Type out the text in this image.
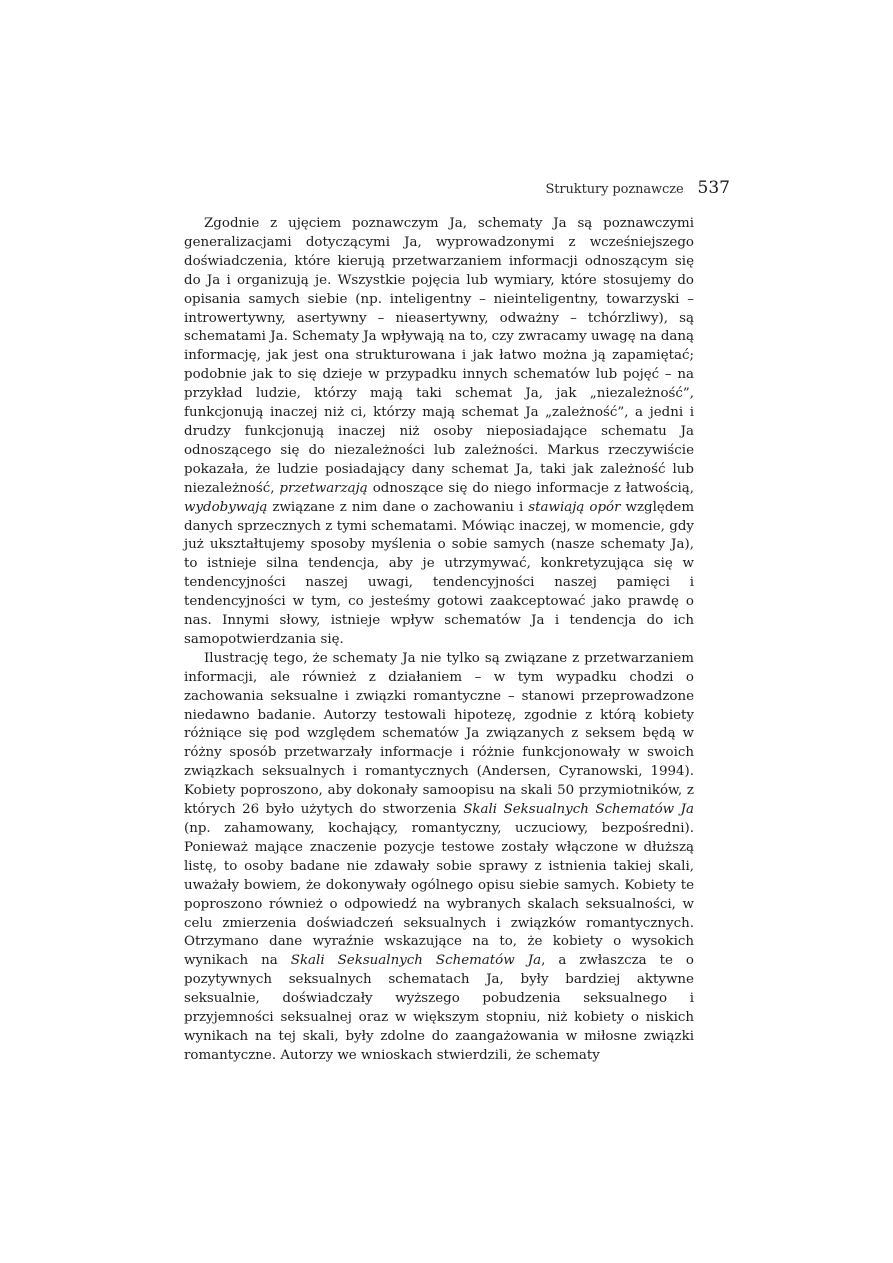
Struktury poznawcze 537

Zgodnie z ujęciem poznawczym Ja, schematy Ja są poznawczymi generalizacjami dotyczącymi Ja, wyprowadzonymi z wcześniejszego doświadczenia, które kierują przetwarzaniem informacji odnoszącym się do Ja i organizują je. Wszystkie pojęcia lub wymiary, które stosujemy do opisania samych siebie (np. inteligentny – nieinteligentny, towarzyski – introwertywny, asertywny – nieasertywny, odważny – tchórzliwy), są schematami Ja. Schematy Ja wpływają na to, czy zwracamy uwagę na daną informację, jak jest ona strukturowana i jak łatwo można ją zapamiętać; podobnie jak to się dzieje w przypadku innych schematów lub pojęć – na przykład ludzie, którzy mają taki schemat Ja, jak „niezależność”, funkcjonują inaczej niż ci, którzy mają schemat Ja „zależność”, a jedni i drudzy funkcjonują inaczej niż osoby nieposiadające schematu Ja odnoszącego się do niezależności lub zależności. Markus rzeczywiście pokazała, że ludzie posiadający dany schemat Ja, taki jak zależność lub niezależność, przetwarzają odnoszące się do niego informacje z łatwością, wydobywają związane z nim dane o zachowaniu i stawiają opór względem danych sprzecznych z tymi schematami. Mówiąc inaczej, w momencie, gdy już ukształtujemy sposoby myślenia o sobie samych (nasze schematy Ja), to istnieje silna tendencja, aby je utrzymywać, konkretyzująca się w tendencyjności naszej uwagi, tendencyjności naszej pamięci i tendencyjności w tym, co jesteśmy gotowi zaakceptować jako prawdę o nas. Innymi słowy, istnieje wpływ schematów Ja i tendencja do ich samopotwierdzania się.

Ilustrację tego, że schematy Ja nie tylko są związane z przetwarzaniem informacji, ale również z działaniem – w tym wypadku chodzi o zachowania seksualne i związki romantyczne – stanowi przeprowadzone niedawno badanie. Autorzy testowali hipotezę, zgodnie z którą kobiety różniące się pod względem schematów Ja związanych z seksem będą w różny sposób przetwarzały informacje i różnie funkcjonowały w swoich związkach seksualnych i romantycznych (Andersen, Cyranowski, 1994). Kobiety poproszono, aby dokonały samoopisu na skali 50 przymiotników, z których 26 było użytych do stworzenia Skali Seksualnych Schematów Ja (np. zahamowany, kochający, romantyczny, uczuciowy, bezpośredni). Ponieważ mające znaczenie pozycje testowe zostały włączone w dłuższą listę, to osoby badane nie zdawały sobie sprawy z istnienia takiej skali, uważały bowiem, że dokonywały ogólnego opisu siebie samych. Kobiety te poproszono również o odpowiedź na wybranych skalach seksualności, w celu zmierzenia doświadczeń seksualnych i związków romantycznych. Otrzymano dane wyraźnie wskazujące na to, że kobiety o wysokich wynikach na Skali Seksualnych Schematów Ja, a zwłaszcza te o pozytywnych seksualnych schematach Ja, były bardziej aktywne seksualnie, doświadczały wyższego pobudzenia seksualnego i przyjemności seksualnej oraz w większym stopniu, niż kobiety o niskich wynikach na tej skali, były zdolne do zaangażowania w miłosne związki romantyczne. Autorzy we wnioskach stwierdzili, że schematy
